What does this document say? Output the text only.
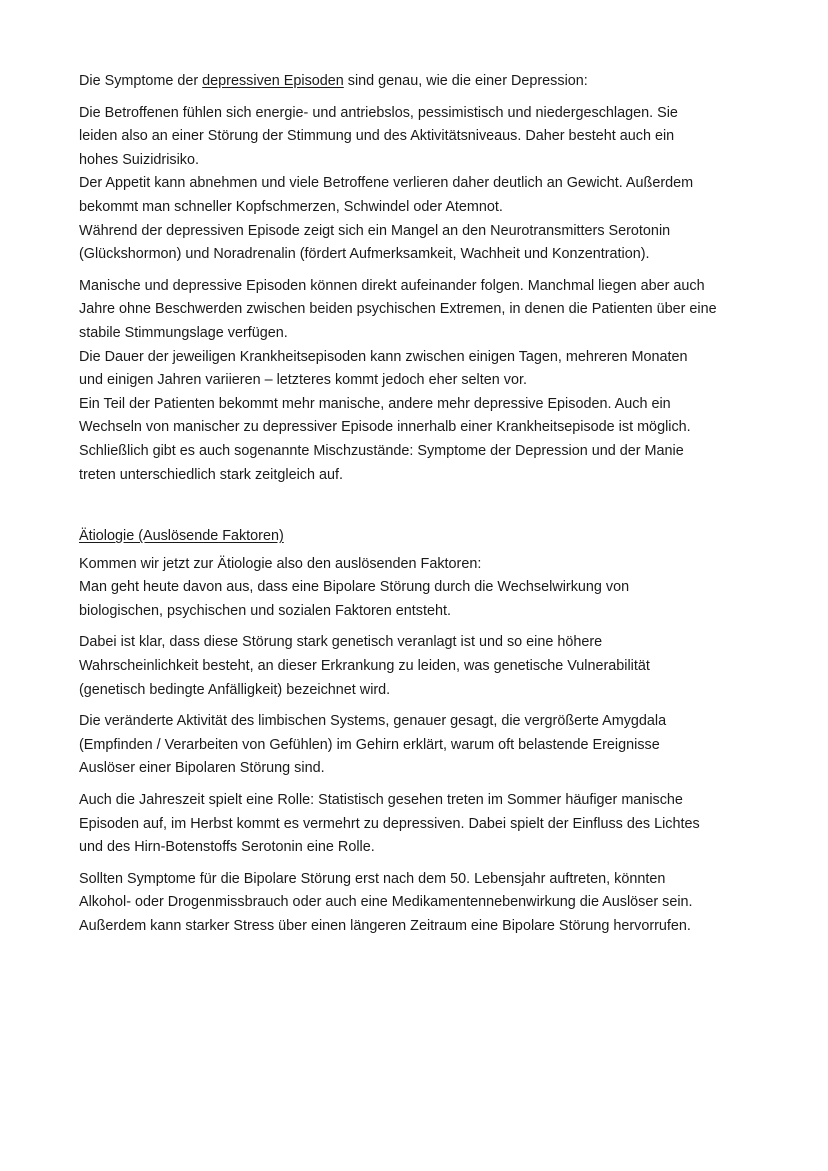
Die Symptome der depressiven Episoden sind genau, wie die einer Depression:

Die Betroffenen fühlen sich energie- und antriebslos, pessimistisch und niedergeschlagen. Sie
leiden also an einer Störung der Stimmung und des Aktivitätsniveaus. Daher besteht auch ein
hohes Suizidrisiko.
Der Appetit kann abnehmen und viele Betroffene verlieren daher deutlich an Gewicht. Außerdem
bekommt man schneller Kopfschmerzen, Schwindel oder Atemnot.
Während der depressiven Episode zeigt sich ein Mangel an den Neurotransmitters Serotonin
(Glückshormon) und Noradrenalin (fördert Aufmerksamkeit, Wachheit und Konzentration).

Manische und depressive Episoden können direkt aufeinander folgen. Manchmal liegen aber auch
Jahre ohne Beschwerden zwischen beiden psychischen Extremen, in denen die Patienten über eine
stabile Stimmungslage verfügen.
Die Dauer der jeweiligen Krankheitsepisoden kann zwischen einigen Tagen, mehreren Monaten
und einigen Jahren variieren – letzteres kommt jedoch eher selten vor.
Ein Teil der Patienten bekommt mehr manische, andere mehr depressive Episoden. Auch ein
Wechseln von manischer zu depressiver Episode innerhalb einer Krankheitsepisode ist möglich.
Schließlich gibt es auch sogenannte Mischzustände: Symptome der Depression und der Manie
treten unterschiedlich stark zeitgleich auf.

Ätiologie (Auslösende Faktoren)

Kommen wir jetzt zur Ätiologie also den auslösenden Faktoren:
Man geht heute davon aus, dass eine Bipolare Störung durch die Wechselwirkung von
biologischen, psychischen und sozialen Faktoren entsteht.

Dabei ist klar, dass diese Störung stark genetisch veranlagt ist und so eine höhere
Wahrscheinlichkeit besteht, an dieser Erkrankung zu leiden, was genetische Vulnerabilität
(genetisch bedingte Anfälligkeit) bezeichnet wird.

Die veränderte Aktivität des limbischen Systems, genauer gesagt, die vergrößerte Amygdala
(Empfinden / Verarbeiten von Gefühlen) im Gehirn erklärt, warum oft belastende Ereignisse
Auslöser einer Bipolaren Störung sind.

Auch die Jahreszeit spielt eine Rolle: Statistisch gesehen treten im Sommer häufiger manische
Episoden auf, im Herbst kommt es vermehrt zu depressiven. Dabei spielt der Einfluss des Lichtes
und des Hirn-Botenstoffs Serotonin eine Rolle.

Sollten Symptome für die Bipolare Störung erst nach dem 50. Lebensjahr auftreten, könnten
Alkohol- oder Drogenmissbrauch oder auch eine Medikamentennebenwirkung die Auslöser sein.
Außerdem kann starker Stress über einen längeren Zeitraum eine Bipolare Störung hervorrufen.
